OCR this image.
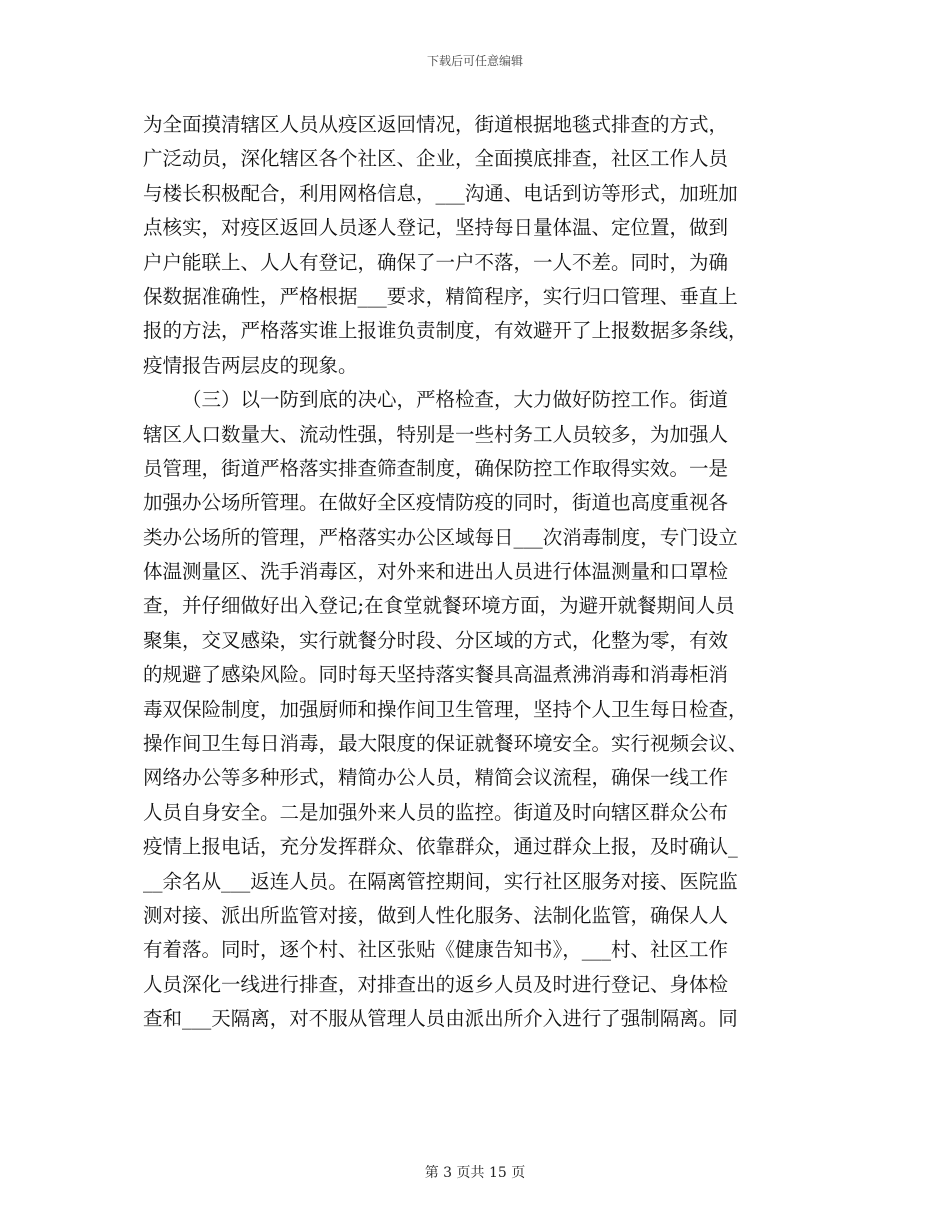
下载后可任意编辑
为全面摸清辖区人员从疫区返回情况，街道根据地毯式排查的方式，
广泛动员，深化辖区各个社区、企业，全面摸底排查，社区工作人员
与楼长积极配合，利用网格信息，___沟通、电话到访等形式，加班加
点核实，对疫区返回人员逐人登记，坚持每日量体温、定位置，做到
户户能联上、人人有登记，确保了一户不落，一人不差。同时，为确
保数据准确性，严格根据___要求，精简程序，实行归口管理、垂直上
报的方法，严格落实谁上报谁负责制度，有效避开了上报数据多条线，
疫情报告两层皮的现象。
（三）以一防到底的决心，严格检查，大力做好防控工作。街道
辖区人口数量大、流动性强，特别是一些村务工人员较多，为加强人
员管理，街道严格落实排查筛查制度，确保防控工作取得实效。一是
加强办公场所管理。在做好全区疫情防疫的同时，街道也高度重视各
类办公场所的管理，严格落实办公区域每日___次消毒制度，专门设立
体温测量区、洗手消毒区，对外来和进出人员进行体温测量和口罩检
查，并仔细做好出入登记;在食堂就餐环境方面，为避开就餐期间人员
聚集，交叉感染，实行就餐分时段、分区域的方式，化整为零，有效
的规避了感染风险。同时每天坚持落实餐具高温煮沸消毒和消毒柜消
毒双保险制度，加强厨师和操作间卫生管理，坚持个人卫生每日检查，
操作间卫生每日消毒，最大限度的保证就餐环境安全。实行视频会议、
网络办公等多种形式，精简办公人员，精简会议流程，确保一线工作
人员自身安全。二是加强外来人员的监控。街道及时向辖区群众公布
疫情上报电话，充分发挥群众、依靠群众，通过群众上报，及时确认_
__余名从___返连人员。在隔离管控期间，实行社区服务对接、医院监
测对接、派出所监管对接，做到人性化服务、法制化监管，确保人人
有着落。同时，逐个村、社区张贴《健康告知书》，___村、社区工作
人员深化一线进行排查，对排查出的返乡人员及时进行登记、身体检
查和___天隔离，对不服从管理人员由派出所介入进行了强制隔离。同
第 3 页共 15 页
